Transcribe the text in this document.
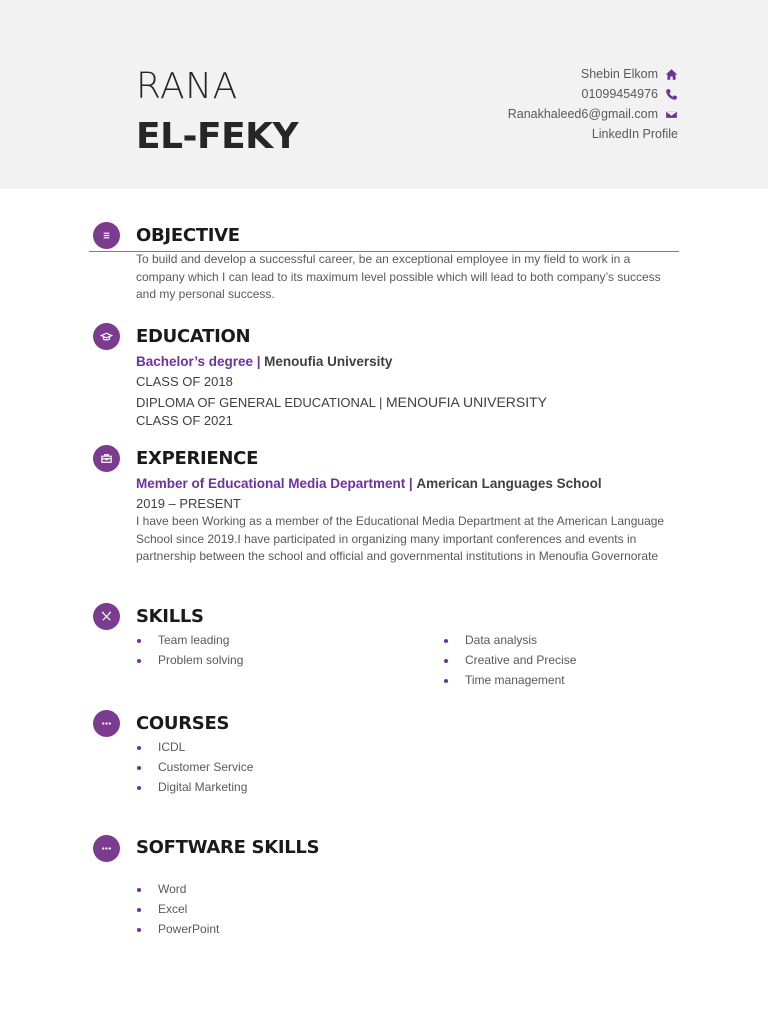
RANA
EL-FEKY
Shebin Elkom
01099454976
Ranakhaleed6@gmail.com
LinkedIn Profile
OBJECTIVE
To build and develop a successful career, be an exceptional employee in my field to work in a company which I can lead to its maximum level possible which will lead to both company’s success and my personal success.
EDUCATION
Bachelor’s degree | Menoufia University
CLASS OF 2018
DIPLOMA OF GENERAL EDUCATIONAL | MENOUFIA UNIVERSITY
CLASS OF 2021
EXPERIENCE
Member of Educational Media Department | American Languages School
2019 – PRESENT
I have been Working as a member of the Educational Media Department at the American Language School since 2019.I have participated in organizing many important conferences and events in partnership between the school and official and governmental institutions in Menoufia Governorate
SKILLS
Team leading
Problem solving
Data analysis
Creative and Precise
Time management
COURSES
ICDL
Customer Service
Digital Marketing
SOFTWARE SKILLS
Word
Excel
PowerPoint
